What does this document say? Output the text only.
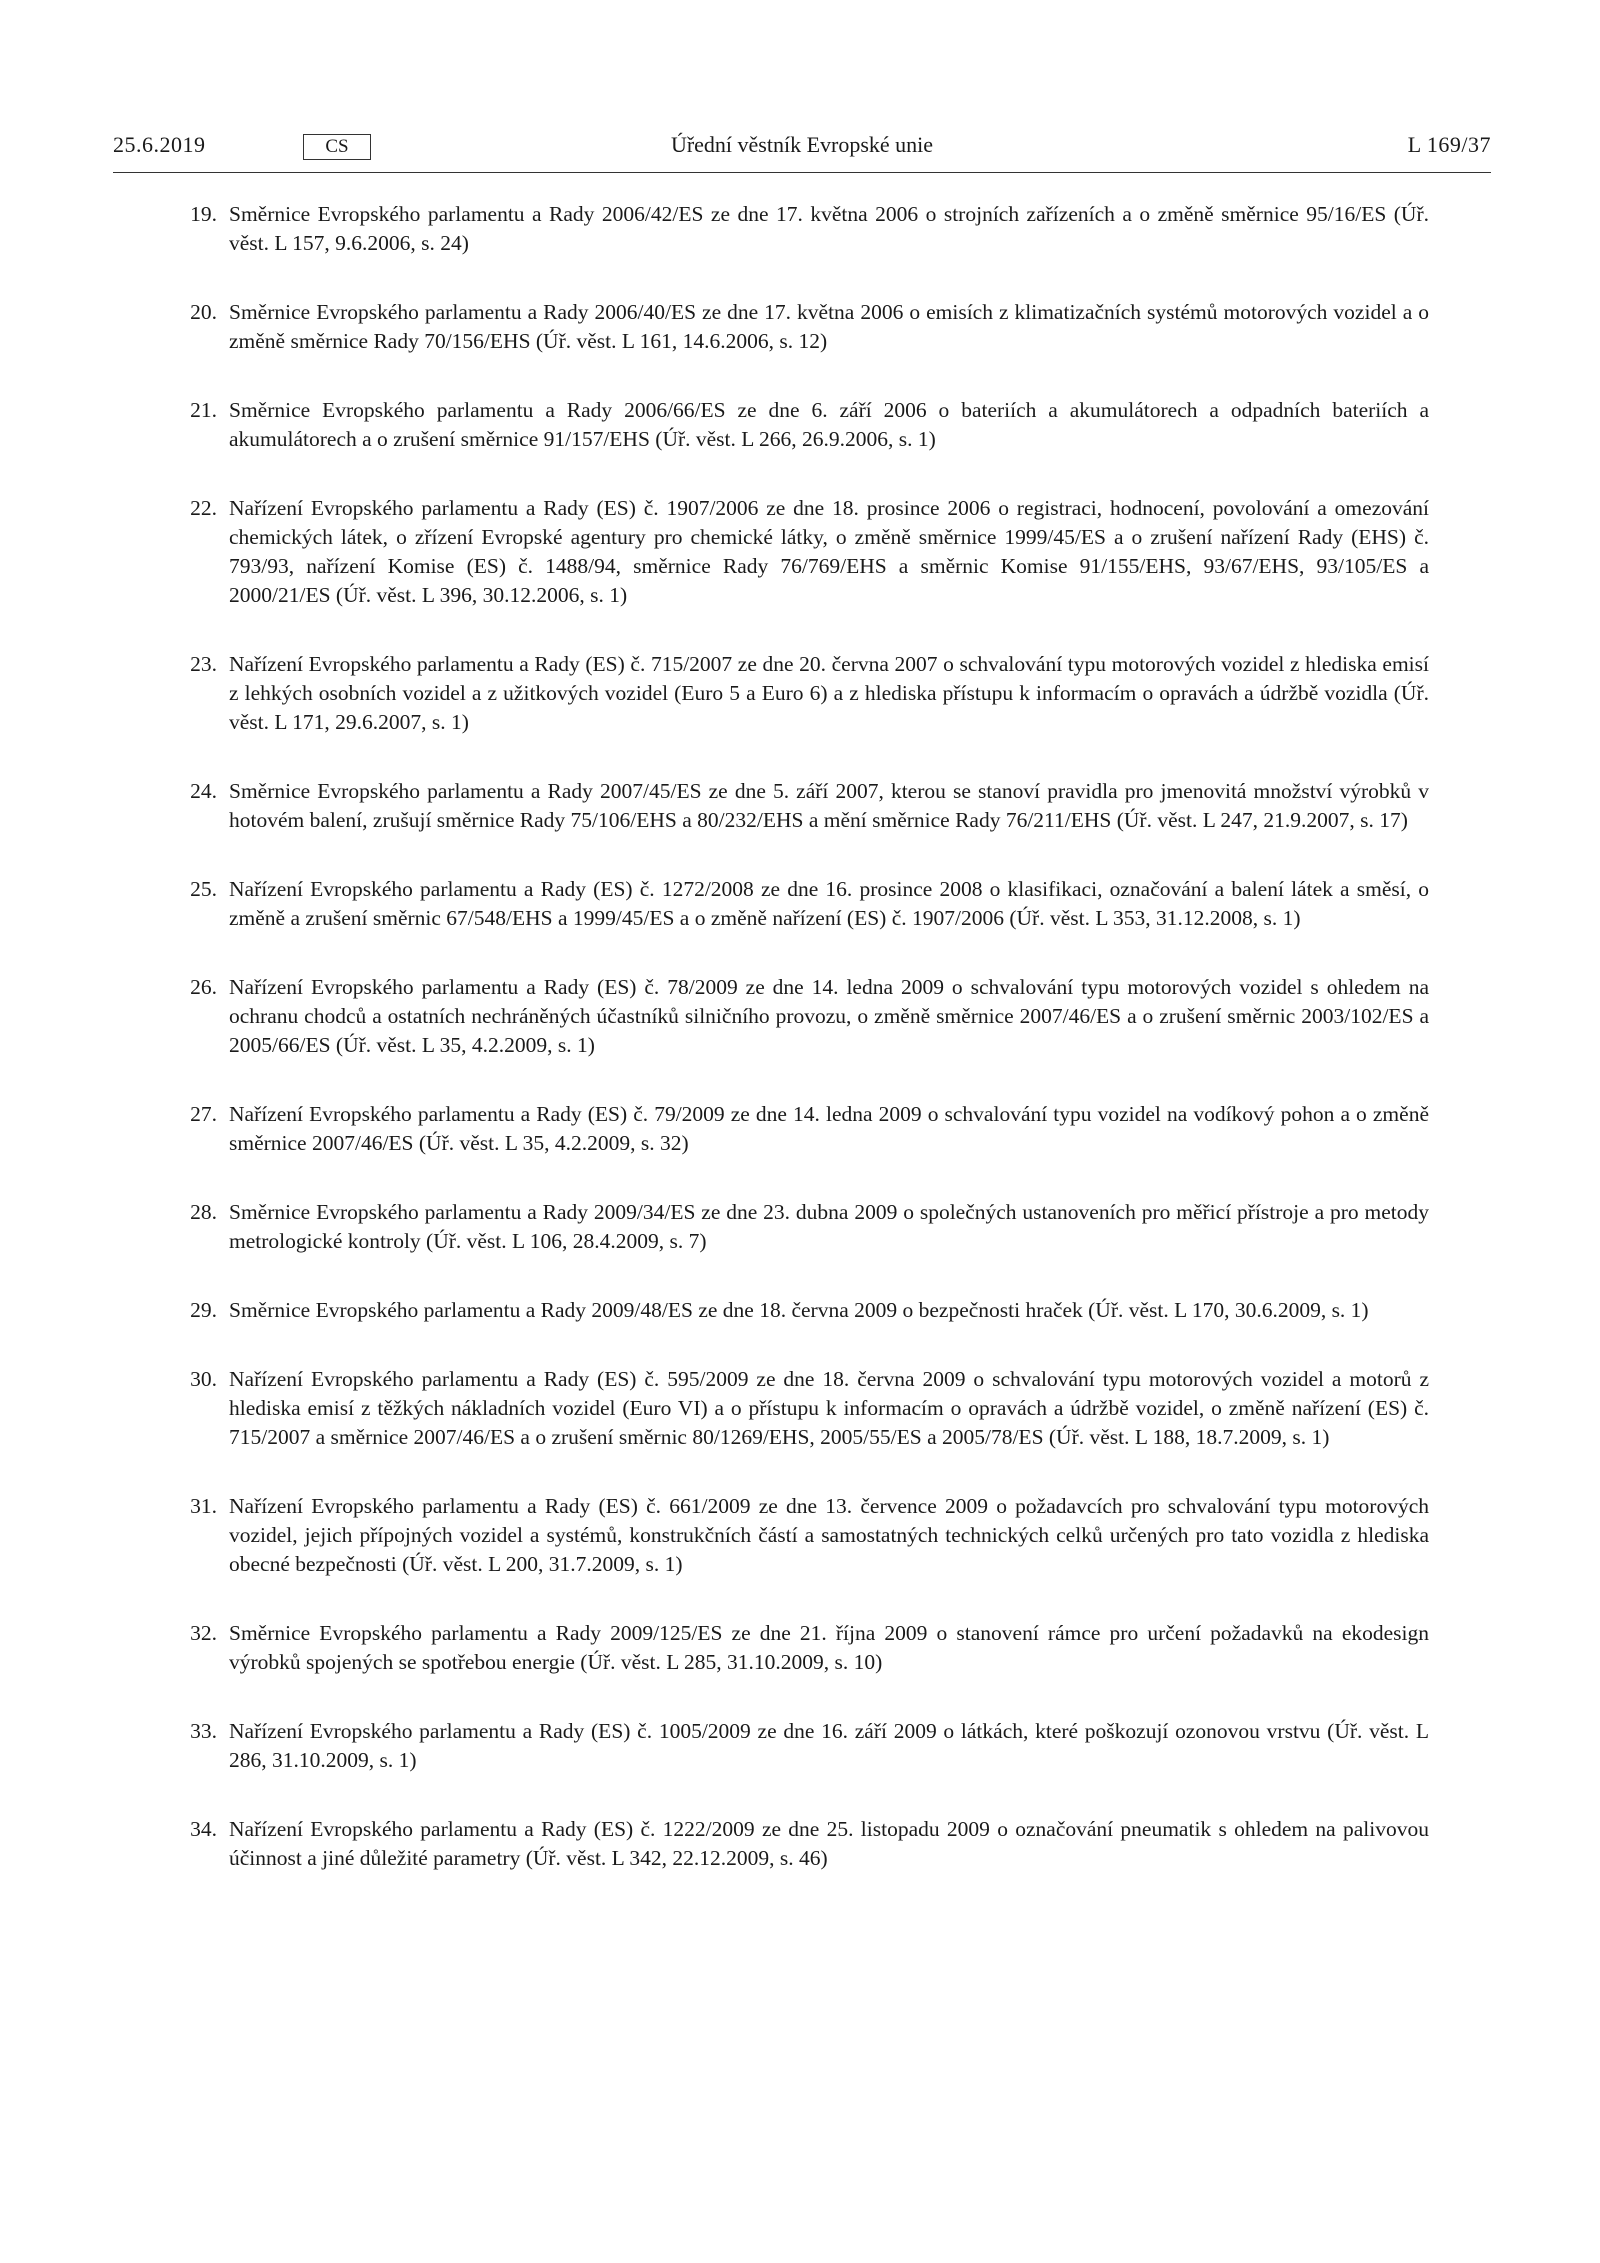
25.6.2019	CS	Úřední věstník Evropské unie	L 169/37
19. Směrnice Evropského parlamentu a Rady 2006/42/ES ze dne 17. května 2006 o strojních zařízeních a o změně směrnice 95/16/ES (Úř. věst. L 157, 9.6.2006, s. 24)
20. Směrnice Evropského parlamentu a Rady 2006/40/ES ze dne 17. května 2006 o emisích z klimatizačních systémů motorových vozidel a o změně směrnice Rady 70/156/EHS (Úř. věst. L 161, 14.6.2006, s. 12)
21. Směrnice Evropského parlamentu a Rady 2006/66/ES ze dne 6. září 2006 o bateriích a akumulátorech a odpadních bateriích a akumulátorech a o zrušení směrnice 91/157/EHS (Úř. věst. L 266, 26.9.2006, s. 1)
22. Nařízení Evropského parlamentu a Rady (ES) č. 1907/2006 ze dne 18. prosince 2006 o registraci, hodnocení, povolování a omezování chemických látek, o zřízení Evropské agentury pro chemické látky, o změně směrnice 1999/45/ES a o zrušení nařízení Rady (EHS) č. 793/93, nařízení Komise (ES) č. 1488/94, směrnice Rady 76/769/EHS a směrnic Komise 91/155/EHS, 93/67/EHS, 93/105/ES a 2000/21/ES (Úř. věst. L 396, 30.12.2006, s. 1)
23. Nařízení Evropského parlamentu a Rady (ES) č. 715/2007 ze dne 20. června 2007 o schvalování typu motorových vozidel z hlediska emisí z lehkých osobních vozidel a z užitkových vozidel (Euro 5 a Euro 6) a z hlediska přístupu k informacím o opravách a údržbě vozidla (Úř. věst. L 171, 29.6.2007, s. 1)
24. Směrnice Evropského parlamentu a Rady 2007/45/ES ze dne 5. září 2007, kterou se stanoví pravidla pro jmenovitá množství výrobků v hotovém balení, zrušují směrnice Rady 75/106/EHS a 80/232/EHS a mění směrnice Rady 76/211/EHS (Úř. věst. L 247, 21.9.2007, s. 17)
25. Nařízení Evropského parlamentu a Rady (ES) č. 1272/2008 ze dne 16. prosince 2008 o klasifikaci, označování a balení látek a směsí, o změně a zrušení směrnic 67/548/EHS a 1999/45/ES a o změně nařízení (ES) č. 1907/2006 (Úř. věst. L 353, 31.12.2008, s. 1)
26. Nařízení Evropského parlamentu a Rady (ES) č. 78/2009 ze dne 14. ledna 2009 o schvalování typu motorových vozidel s ohledem na ochranu chodců a ostatních nechráněných účastníků silničního provozu, o změně směrnice 2007/46/ES a o zrušení směrnic 2003/102/ES a 2005/66/ES (Úř. věst. L 35, 4.2.2009, s. 1)
27. Nařízení Evropského parlamentu a Rady (ES) č. 79/2009 ze dne 14. ledna 2009 o schvalování typu vozidel na vodíkový pohon a o změně směrnice 2007/46/ES (Úř. věst. L 35, 4.2.2009, s. 32)
28. Směrnice Evropského parlamentu a Rady 2009/34/ES ze dne 23. dubna 2009 o společných ustanoveních pro měřicí přístroje a pro metody metrologické kontroly (Úř. věst. L 106, 28.4.2009, s. 7)
29. Směrnice Evropského parlamentu a Rady 2009/48/ES ze dne 18. června 2009 o bezpečnosti hraček (Úř. věst. L 170, 30.6.2009, s. 1)
30. Nařízení Evropského parlamentu a Rady (ES) č. 595/2009 ze dne 18. června 2009 o schvalování typu motorových vozidel a motorů z hlediska emisí z těžkých nákladních vozidel (Euro VI) a o přístupu k informacím o opravách a údržbě vozidel, o změně nařízení (ES) č. 715/2007 a směrnice 2007/46/ES a o zrušení směrnic 80/1269/EHS, 2005/55/ES a 2005/78/ES (Úř. věst. L 188, 18.7.2009, s. 1)
31. Nařízení Evropského parlamentu a Rady (ES) č. 661/2009 ze dne 13. července 2009 o požadavcích pro schvalování typu motorových vozidel, jejich přípojných vozidel a systémů, konstrukčních částí a samostatných technických celků určených pro tato vozidla z hlediska obecné bezpečnosti (Úř. věst. L 200, 31.7.2009, s. 1)
32. Směrnice Evropského parlamentu a Rady 2009/125/ES ze dne 21. října 2009 o stanovení rámce pro určení požadavků na ekodesign výrobků spojených se spotřebou energie (Úř. věst. L 285, 31.10.2009, s. 10)
33. Nařízení Evropského parlamentu a Rady (ES) č. 1005/2009 ze dne 16. září 2009 o látkách, které poškozují ozonovou vrstvu (Úř. věst. L 286, 31.10.2009, s. 1)
34. Nařízení Evropského parlamentu a Rady (ES) č. 1222/2009 ze dne 25. listopadu 2009 o označování pneumatik s ohledem na palivovou účinnost a jiné důležité parametry (Úř. věst. L 342, 22.12.2009, s. 46)
